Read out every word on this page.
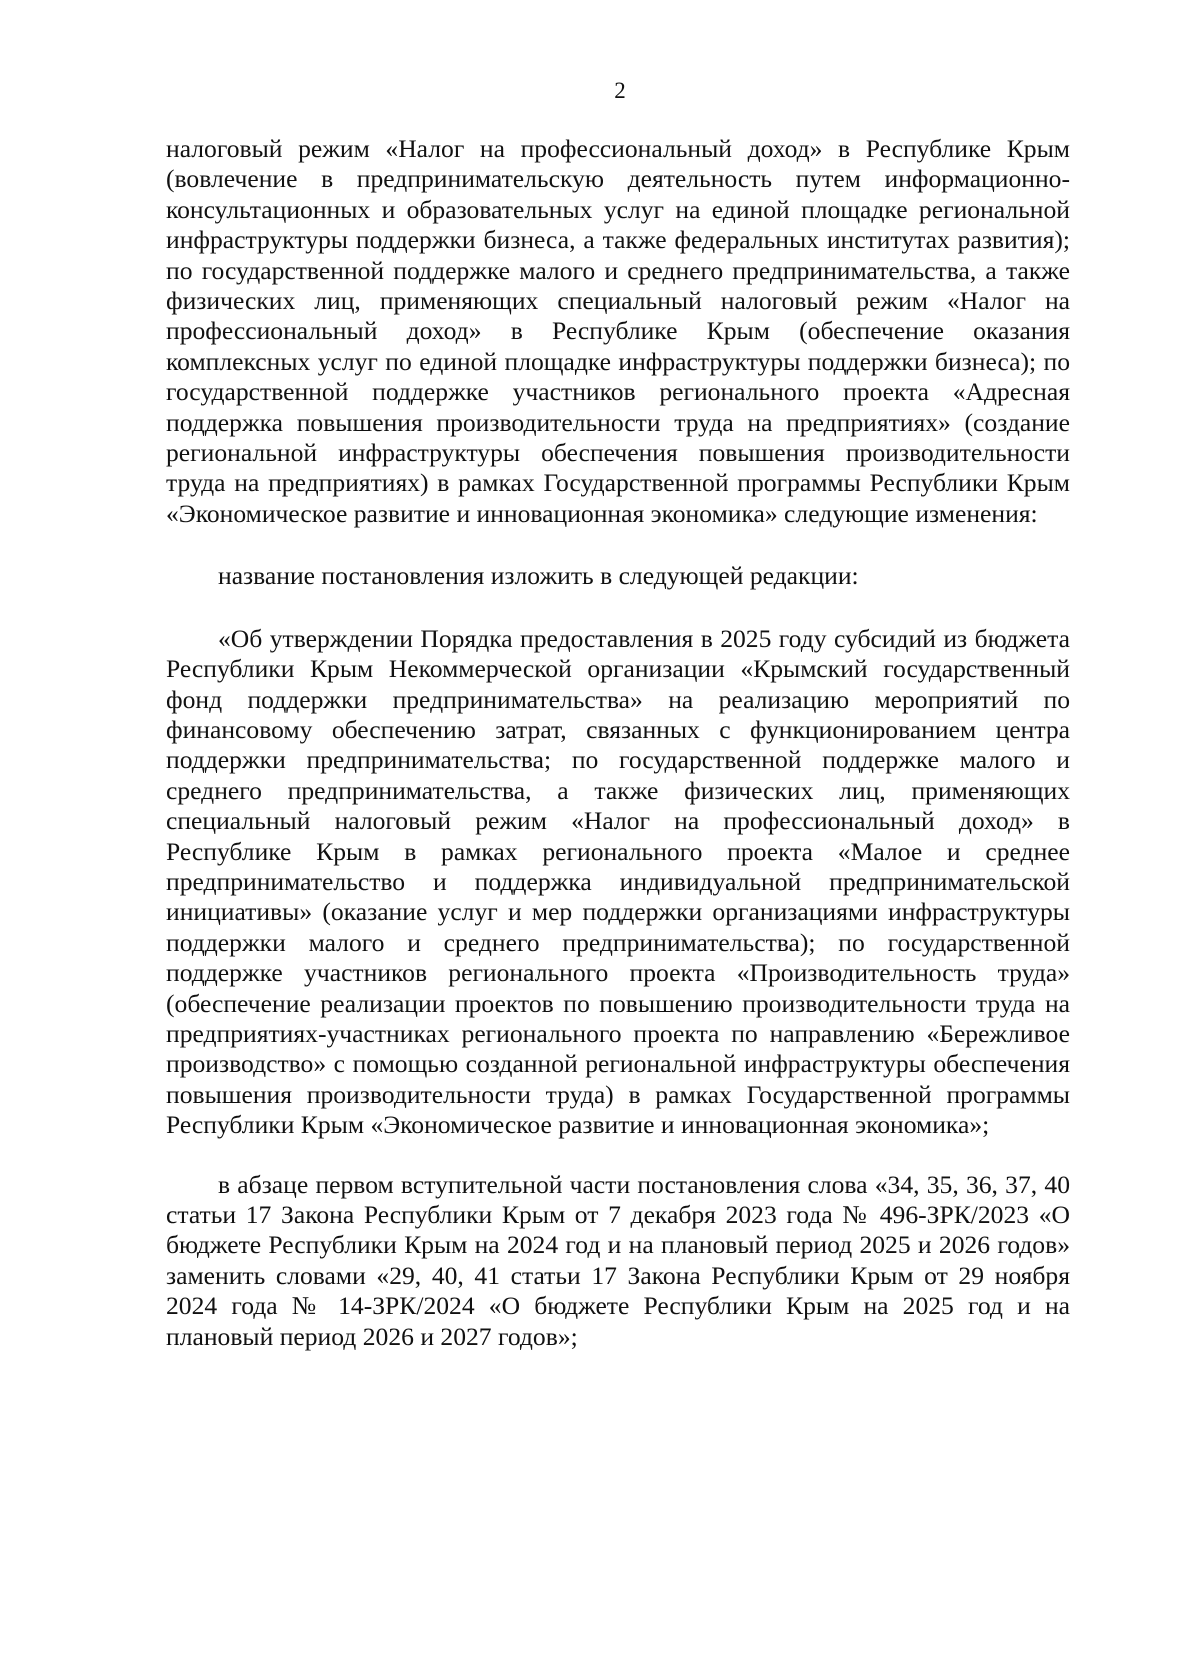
2

налоговый режим «Налог на профессиональный доход» в Республике Крым (вовлечение в предпринимательскую деятельность путем информационно-консультационных и образовательных услуг на единой площадке региональной инфраструктуры поддержки бизнеса, а также федеральных институтах развития); по государственной поддержке малого и среднего предпринимательства, а также физических лиц, применяющих специальный налоговый режим «Налог на профессиональный доход» в Республике Крым (обеспечение оказания комплексных услуг по единой площадке инфраструктуры поддержки бизнеса); по государственной поддержке участников регионального проекта «Адресная поддержка повышения производительности труда на предприятиях» (создание региональной инфраструктуры обеспечения повышения производительности труда на предприятиях) в рамках Государственной программы Республики Крым «Экономическое развитие и инновационная экономика» следующие изменения:

название постановления изложить в следующей редакции:

«Об утверждении Порядка предоставления в 2025 году субсидий из бюджета Республики Крым Некоммерческой организации «Крымский государственный фонд поддержки предпринимательства» на реализацию мероприятий по финансовому обеспечению затрат, связанных с функционированием центра поддержки предпринимательства; по государственной поддержке малого и среднего предпринимательства, а также физических лиц, применяющих специальный налоговый режим «Налог на профессиональный доход» в Республике Крым в рамках регионального проекта «Малое и среднее предпринимательство и поддержка индивидуальной предпринимательской инициативы» (оказание услуг и мер поддержки организациями инфраструктуры поддержки малого и среднего предпринимательства); по государственной поддержке участников регионального проекта «Производительность труда» (обеспечение реализации проектов по повышению производительности труда на предприятиях-участниках регионального проекта по направлению «Бережливое производство» с помощью созданной региональной инфраструктуры обеспечения повышения производительности труда) в рамках Государственной программы Республики Крым «Экономическое развитие и инновационная экономика»;

в абзаце первом вступительной части постановления слова «34, 35, 36, 37, 40 статьи 17 Закона Республики Крым от 7 декабря 2023 года № 496-ЗРК/2023 «О бюджете Республики Крым на 2024 год и на плановый период 2025 и 2026 годов» заменить словами «29, 40, 41 статьи 17 Закона Республики Крым от 29 ноября 2024 года № 14-ЗРК/2024 «О бюджете Республики Крым на 2025 год и на плановый период 2026 и 2027 годов»;
